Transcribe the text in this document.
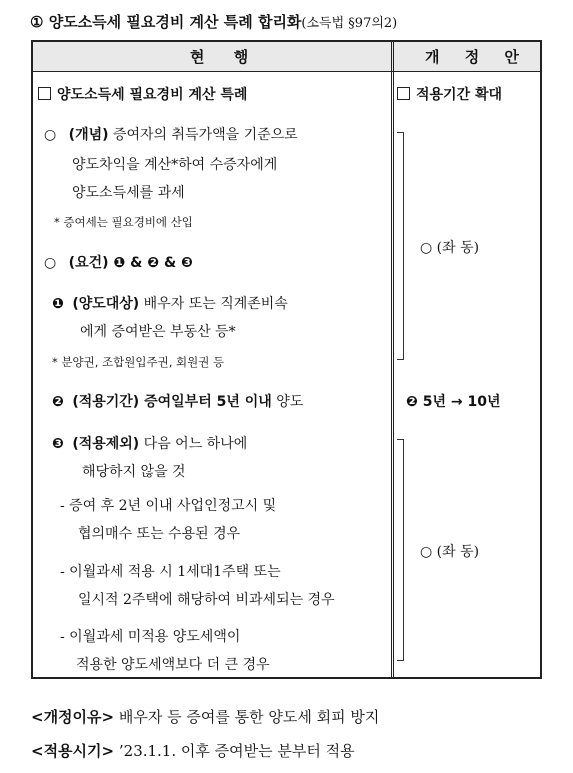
① 양도소득세 필요경비 계산 특례 합리화(소득법 §97의2)
현 행	개 정 안
양도소득세 필요경비 계산 특례	적용기간 확대
○ (개념) 증여자의 취득가액을 기준으로
양도차익을 계산*하여 수증자에게
양도소득세를 과세
* 증여세는 필요경비에 산입
○ (요건) ❶ & ❷ & ❸
❶ (양도대상) 배우자 또는 직계존비속
에게 증여받은 부동산 등*
* 분양권, 조합원입주권, 회원권 등
❷ (적용기간) 증여일부터 5년 이내 양도
❸ (적용제외) 다음 어느 하나에
해당하지 않을 것
- 증여 후 2년 이내 사업인정고시 및
협의매수 또는 수용된 경우
- 이월과세 적용 시 1세대1주택 또는
일시적 2주택에 해당하여 비과세되는 경우
- 이월과세 미적용 양도세액이
적용한 양도세액보다 더 큰 경우
○ (좌 동)
❷ 5년 → 10년
○ (좌 동)
<개정이유> 배우자 등 증여를 통한 양도세 회피 방지
<적용시기> ’23.1.1. 이후 증여받는 분부터 적용
